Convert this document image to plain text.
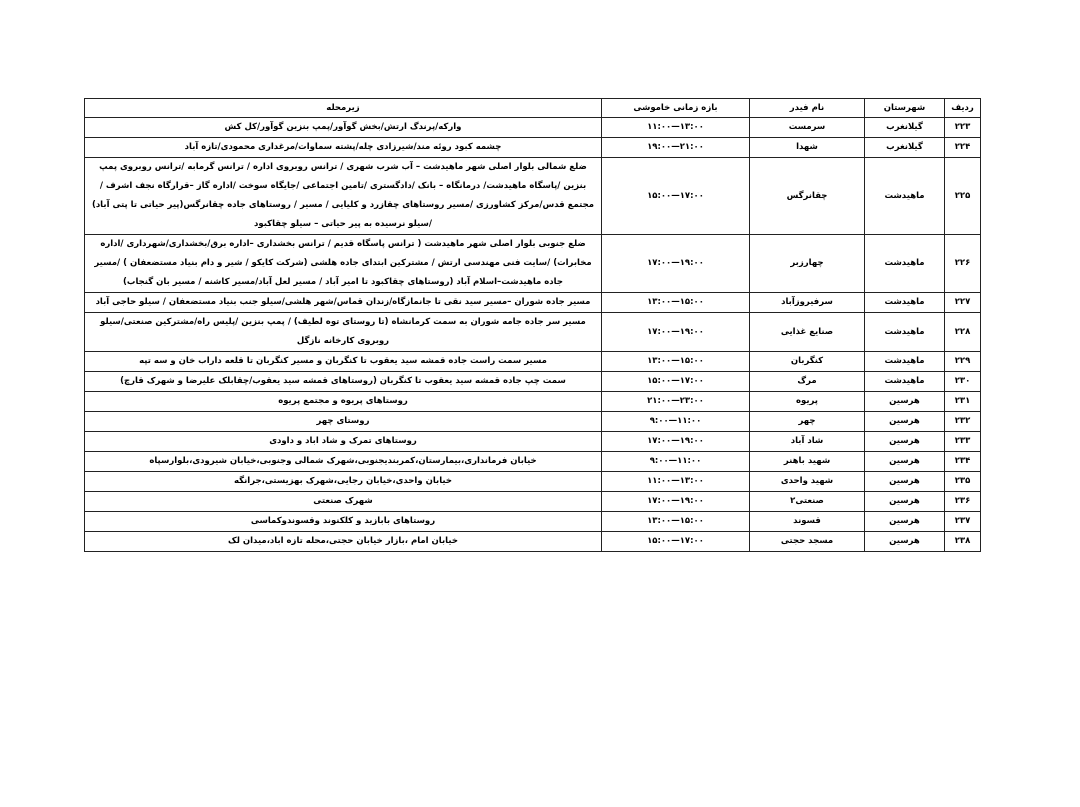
ردیف	شهرستان	نام فیدر	بازه زمانی خاموشی	زیرمحله
۲۲۳	گیلانغرب	سرمست	۱۱:۰۰—۱۳:۰۰	وارکه/پرندگ ارتش/بخش گوآور/پمپ بنزین گوآور/کل کش
۲۲۴	گیلانغرب	شهدا	۱۹:۰۰—۲۱:۰۰	چشمه کبود روئه مند/شیرزادی چله/پشته سماوات/مرغداری محمودی/تازه آباد
۲۲۵	ماهیدشت	چقانرگس	۱۵:۰۰—۱۷:۰۰	ضلع شمالی بلوار اصلی شهر ماهیدشت – آب شرب شهری / ترانس روبروی اداره / ترانس گرمابه /ترانس روبروی پمپ بنزین /پاسگاه ماهیدشت/ درمانگاه – بانک /دادگستری /تامین اجتماعی /جایگاه سوخت /اداره گاز –قرارگاه نجف اشرف /مجتمع قدس/مرکز کشاورزی /مسیر روستاهای چقازرد و کلیایی / مسیر / روستاهای جاده چقانرگس(پیر حیاتی تا پتی آباد) /سیلو نرسیده به پیر حیاتی – سیلو چقاکبود
۲۲۶	ماهیدشت	چهارزبر	۱۷:۰۰—۱۹:۰۰	ضلع جنوبی بلوار اصلی شهر ماهیدشت ( ترانس پاسگاه قدیم / ترانس بخشداری –اداره برق/بخشداری/شهرداری /اداره مخابرات) /سایت فنی مهندسی ارتش / مشترکین ابتدای جاده هلشی (شرکت کایکو / شیر و دام بنیاد مستضعفان ) /مسیر جاده ماهیدشت–اسلام آباد (روستاهای چقاکبود تا امیر آباد / مسیر لعل آباد/مسیر کاشنه / مسیر بان گنجاب)
۲۲۷	ماهیدشت	سرفیروزآباد	۱۳:۰۰—۱۵:۰۰	مسیر جاده شوران –مسیر سید نقی تا جانمازگاه/زندان قماس/شهر هلشی/سیلو جنب بنیاد مستضعفان / سیلو حاجی آباد
۲۲۸	ماهیدشت	صنایع غذایی	۱۷:۰۰—۱۹:۰۰	مسیر سر جاده جامه شوران به سمت کرمانشاه (تا روستای توه لطیف) / پمپ بنزین /پلیس راه/مشترکین صنعتی/سیلو روبروی کارخانه نازگل
۲۲۹	ماهیدشت	کنگربان	۱۳:۰۰—۱۵:۰۰	مسیر سمت راست جاده قمشه سید یعقوب تا کنگربان و مسیر کنگربان تا قلعه داراب خان و سه تپه
۲۳۰	ماهیدشت	مرگ	۱۵:۰۰—۱۷:۰۰	سمت چپ جاده قمشه سید یعقوب تا کنگربان (روستاهای قمشه سید یعقوب/چقابلک علیرضا و شهرک قارچ)
۲۳۱	هرسین	پریوه	۲۱:۰۰—۲۳:۰۰	روستاهای پریوه و مجتمع پریوه
۲۳۲	هرسین	چهر	۹:۰۰—۱۱:۰۰	روستای چهر
۲۳۳	هرسین	شاد آباد	۱۷:۰۰—۱۹:۰۰	روستاهای تمرک و شاد اباد و داودی
۲۳۴	هرسین	شهید باهنر	۹:۰۰—۱۱:۰۰	خیابان فرمانداری،بیمارستان،کمربندیجنوبی،شهرک شمالی وجنوبی،خیابان شیرودی،بلوارسپاه
۲۳۵	هرسین	شهید واحدی	۱۱:۰۰—۱۳:۰۰	خیابان واحدی،خیابان رجایی،شهرک بهزیستی،جرانگه
۲۳۶	هرسین	صنعتی۲	۱۷:۰۰—۱۹:۰۰	شهرک صنعتی
۲۳۷	هرسین	قسوند	۱۳:۰۰—۱۵:۰۰	روستاهای بابازید و کلکنوند وقسوندوکماسی
۲۳۸	هرسین	مسجد حجتی	۱۵:۰۰—۱۷:۰۰	خیابان امام ،بازار خیابان حجتی،محله تازه اباد،میدان لک
